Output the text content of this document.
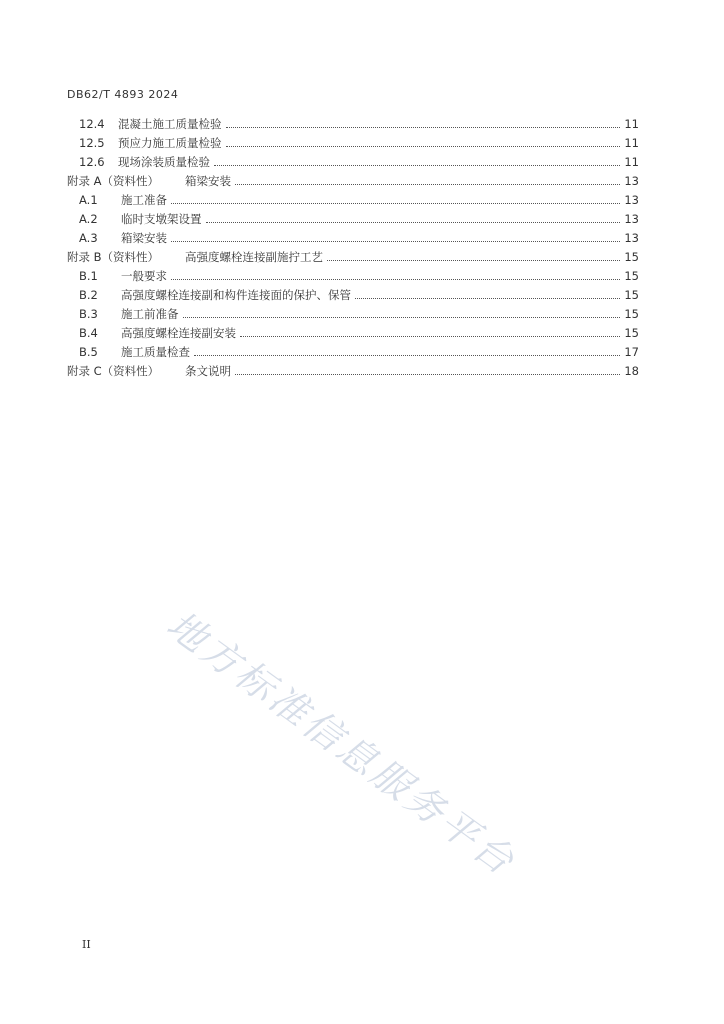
DB62/T 4893 2024
12.4	混凝土施工质量检验	11
12.5	预应力施工质量检验	11
12.6	现场涂装质量检验	11
附录 A（资料性）	箱梁安装	13
A.1	施工准备	13
A.2	临时支墩架设置	13
A.3	箱梁安装	13
附录 B（资料性）	高强度螺栓连接副施拧工艺	15
B.1	一般要求	15
B.2	高强度螺栓连接副和构件连接面的保护、保管	15
B.3	施工前准备	15
B.4	高强度螺栓连接副安装	15
B.5	施工质量检查	17
附录 C（资料性）	条文说明	18
地方标准信息服务平台
II
